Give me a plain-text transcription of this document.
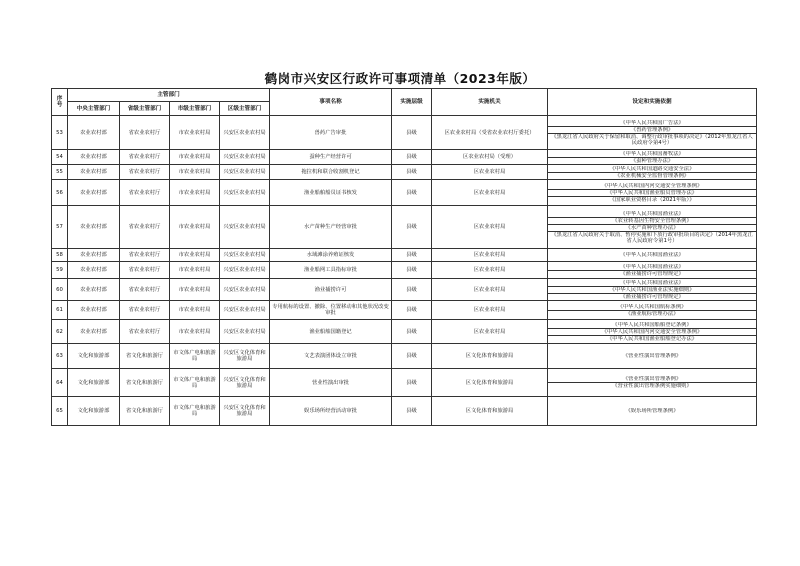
鹤岗市兴安区行政许可事项清单（2023年版）
序号	主管部门				事项名称	实施层级	实施机关	设定和实施依据
	中央主管部门	省级主管部门	市级主管部门	区级主管部门				
53	农业农村部	省农业农村厅	市农业农村局	兴安区农业农村局	兽药广告审批	县级	区农业农村局（受省农业农村厅委托）	《中华人民共和国广告法》
《兽药管理条例》
《黑龙江省人民政府关于保留和取消、调整行政审批事项的决定》（2012年黑龙江省人民政府令第4号）

54	农业农村部	省农业农村厅	市农业农村局	兴安区农业农村局	蚕种生产经营许可	县级	区农业农村局（受理）	《中华人民共和国畜牧法》
《蚕种管理办法》

55	农业农村部	省农业农村厅	市农业农村局	兴安区农业农村局	拖拉机和联合收割机登记	县级	区农业农村局	《中华人民共和国道路交通安全法》
《农业机械安全监督管理条例》

56	农业农村部	省农业农村厅	市农业农村局	兴安区农业农村局	渔业船舶船员证书核发	县级	区农业农村局	《中华人民共和国内河交通安全管理条例》
《中华人民共和国渔业船员管理办法》
《国家职业资格目录（2021年版）》

57	农业农村部	省农业农村厅	市农业农村局	兴安区农业农村局	水产苗种生产经营审批	县级	区农业农村局	《中华人民共和国渔业法》
《农业转基因生物安全管理条例》
《水产苗种管理办法》
《黑龙江省人民政府关于取消、暂停实施和下放行政审批项目的决定》（2014年黑龙江省人民政府令第1号）

58	农业农村部	省农业农村厅	市农业农村局	兴安区农业农村局	水域滩涂养殖证核发	县级	区农业农村局	《中华人民共和国渔业法》

59	农业农村部	省农业农村厅	市农业农村局	兴安区农业农村局	渔业船网工具指标审批	县级	区农业农村局	《中华人民共和国渔业法》
《渔业捕捞许可管理规定》

60	农业农村部	省农业农村厅	市农业农村局	兴安区农业农村局	渔业捕捞许可	县级	区农业农村局	《中华人民共和国渔业法》
《中华人民共和国渔业法实施细则》
《渔业捕捞许可管理规定》

61	农业农村部	省农业农村厅	市农业农村局	兴安区农业农村局	专用航标的设置、撤除、位置移动和其他状况改变审批	县级	区农业农村局	《中华人民共和国航标条例》
《渔业航标管理办法》

62	农业农村部	省农业农村厅	市农业农村局	兴安区农业农村局	渔业船舶国籍登记	县级	区农业农村局	《中华人民共和国船舶登记条例》
《中华人民共和国内河交通安全管理条例》
《中华人民共和国渔业船舶登记办法》

63	文化和旅游部	省文化和旅游厅	市文体广电和旅游局	兴安区文化体育和旅游局	文艺表演团体设立审批	县级	区文化体育和旅游局	《营业性演出管理条例》

64	文化和旅游部	省文化和旅游厅	市文体广电和旅游局	兴安区文化体育和旅游局	营业性演出审批	县级	区文化体育和旅游局	《营业性演出管理条例》
《营业性演出管理条例实施细则》

65	文化和旅游部	省文化和旅游厅	市文体广电和旅游局	兴安区文化体育和旅游局	娱乐场所经营活动审批	县级	区文化体育和旅游局	《娱乐场所管理条例》
